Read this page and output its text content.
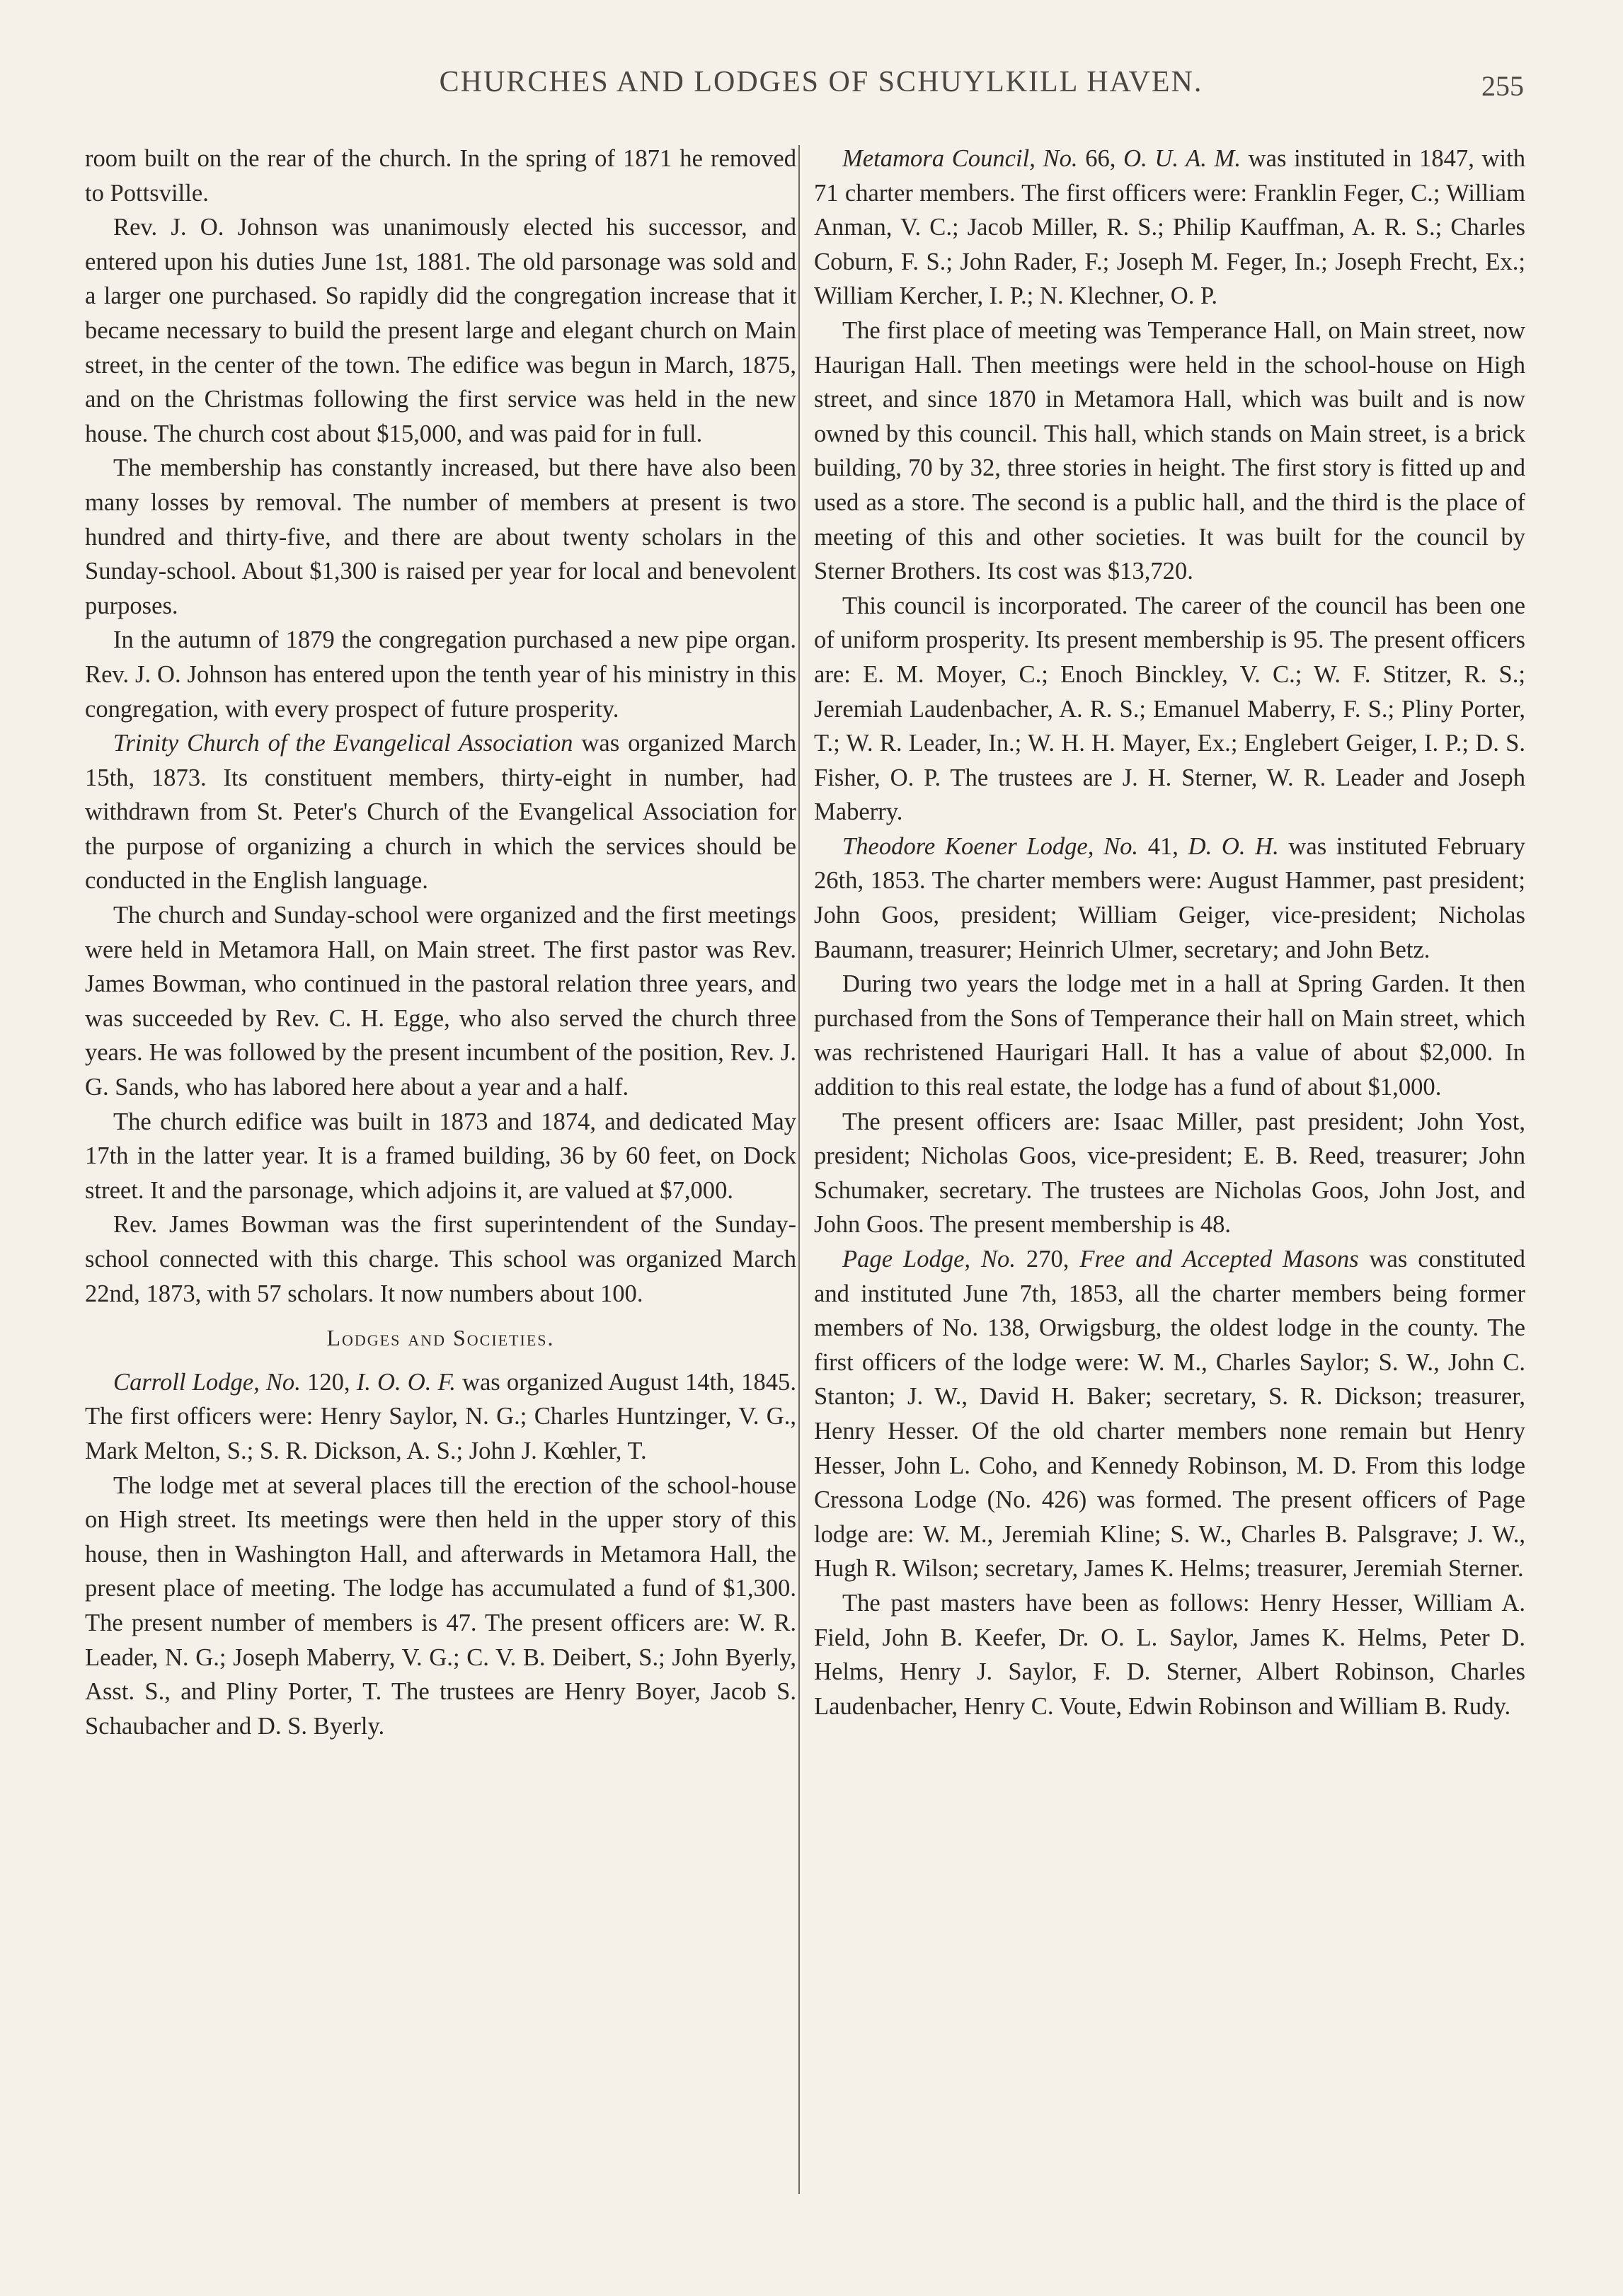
CHURCHES AND LODGES OF SCHUYLKILL HAVEN.	255

room built on the rear of the church. In the spring of 1871 he removed to Pottsville.

Rev. J. O. Johnson was unanimously elected his successor, and entered upon his duties June 1st, 1881. The old parsonage was sold and a larger one purchased. So rapidly did the congregation increase that it became necessary to build the present large and elegant church on Main street, in the center of the town. The edifice was begun in March, 1875, and on the Christmas following the first service was held in the new house. The church cost about $15,000, and was paid for in full.

The membership has constantly increased, but there have also been many losses by removal. The number of members at present is two hundred and thirty-five, and there are about twenty scholars in the Sunday-school. About $1,300 is raised per year for local and benevolent purposes.

In the autumn of 1879 the congregation purchased a new pipe organ. Rev. J. O. Johnson has entered upon the tenth year of his ministry in this congregation, with every prospect of future prosperity.

Trinity Church of the Evangelical Association was organized March 15th, 1873. Its constituent members, thirty-eight in number, had withdrawn from St. Peter's Church of the Evangelical Association for the purpose of organizing a church in which the services should be conducted in the English language.

The church and Sunday-school were organized and the first meetings were held in Metamora Hall, on Main street. The first pastor was Rev. James Bowman, who continued in the pastoral relation three years, and was succeeded by Rev. C. H. Egge, who also served the church three years. He was followed by the present incumbent of the position, Rev. J. G. Sands, who has labored here about a year and a half.

The church edifice was built in 1873 and 1874, and dedicated May 17th in the latter year. It is a framed building, 36 by 60 feet, on Dock street. It and the parsonage, which adjoins it, are valued at $7,000.

Rev. James Bowman was the first superintendent of the Sunday-school connected with this charge. This school was organized March 22nd, 1873, with 57 scholars. It now numbers about 100.

Lodges and Societies.

Carroll Lodge, No. 120, I. O. O. F. was organized August 14th, 1845. The first officers were: Henry Saylor, N. G.; Charles Huntzinger, V. G., Mark Melton, S.; S. R. Dickson, A. S.; John J. Kœhler, T.

The lodge met at several places till the erection of the school-house on High street. Its meetings were then held in the upper story of this house, then in Washington Hall, and afterwards in Metamora Hall, the present place of meeting. The lodge has accumulated a fund of $1,300. The present number of members is 47. The present officers are: W. R. Leader, N. G.; Joseph Maberry, V. G.; C. V. B. Deibert, S.; John Byerly, Asst. S., and Pliny Porter, T. The trustees are Henry Boyer, Jacob S. Schaubacher and D. S. Byerly.

Metamora Council, No. 66, O. U. A. M. was instituted in 1847, with 71 charter members. The first officers were: Franklin Feger, C.; William Anman, V. C.; Jacob Miller, R. S.; Philip Kauffman, A. R. S.; Charles Coburn, F. S.; John Rader, F.; Joseph M. Feger, In.; Joseph Frecht, Ex.; William Kercher, I. P.; N. Klechner, O. P.

The first place of meeting was Temperance Hall, on Main street, now Haurigan Hall. Then meetings were held in the school-house on High street, and since 1870 in Metamora Hall, which was built and is now owned by this council. This hall, which stands on Main street, is a brick building, 70 by 32, three stories in height. The first story is fitted up and used as a store. The second is a public hall, and the third is the place of meeting of this and other societies. It was built for the council by Sterner Brothers. Its cost was $13,720.

This council is incorporated. The career of the council has been one of uniform prosperity. Its present membership is 95. The present officers are: E. M. Moyer, C.; Enoch Binckley, V. C.; W. F. Stitzer, R. S.; Jeremiah Laudenbacher, A. R. S.; Emanuel Maberry, F. S.; Pliny Porter, T.; W. R. Leader, In.; W. H. H. Mayer, Ex.; Englebert Geiger, I. P.; D. S. Fisher, O. P. The trustees are J. H. Sterner, W. R. Leader and Joseph Maberry.

Theodore Koener Lodge, No. 41, D. O. H. was instituted February 26th, 1853. The charter members were: August Hammer, past president; John Goos, president; William Geiger, vice-president; Nicholas Baumann, treasurer; Heinrich Ulmer, secretary; and John Betz.

During two years the lodge met in a hall at Spring Garden. It then purchased from the Sons of Temperance their hall on Main street, which was rechristened Haurigari Hall. It has a value of about $2,000. In addition to this real estate, the lodge has a fund of about $1,000.

The present officers are: Isaac Miller, past president; John Yost, president; Nicholas Goos, vice-president; E. B. Reed, treasurer; John Schumaker, secretary. The trustees are Nicholas Goos, John Jost, and John Goos. The present membership is 48.

Page Lodge, No. 270, Free and Accepted Masons was constituted and instituted June 7th, 1853, all the charter members being former members of No. 138, Orwigsburg, the oldest lodge in the county. The first officers of the lodge were: W. M., Charles Saylor; S. W., John C. Stanton; J. W., David H. Baker; secretary, S. R. Dickson; treasurer, Henry Hesser. Of the old charter members none remain but Henry Hesser, John L. Coho, and Kennedy Robinson, M. D. From this lodge Cressona Lodge (No. 426) was formed. The present officers of Page lodge are: W. M., Jeremiah Kline; S. W., Charles B. Palsgrave; J. W., Hugh R. Wilson; secretary, James K. Helms; treasurer, Jeremiah Sterner.

The past masters have been as follows: Henry Hesser, William A. Field, John B. Keefer, Dr. O. L. Saylor, James K. Helms, Peter D. Helms, Henry J. Saylor, F. D. Sterner, Albert Robinson, Charles Laudenbacher, Henry C. Voute, Edwin Robinson and William B. Rudy.
